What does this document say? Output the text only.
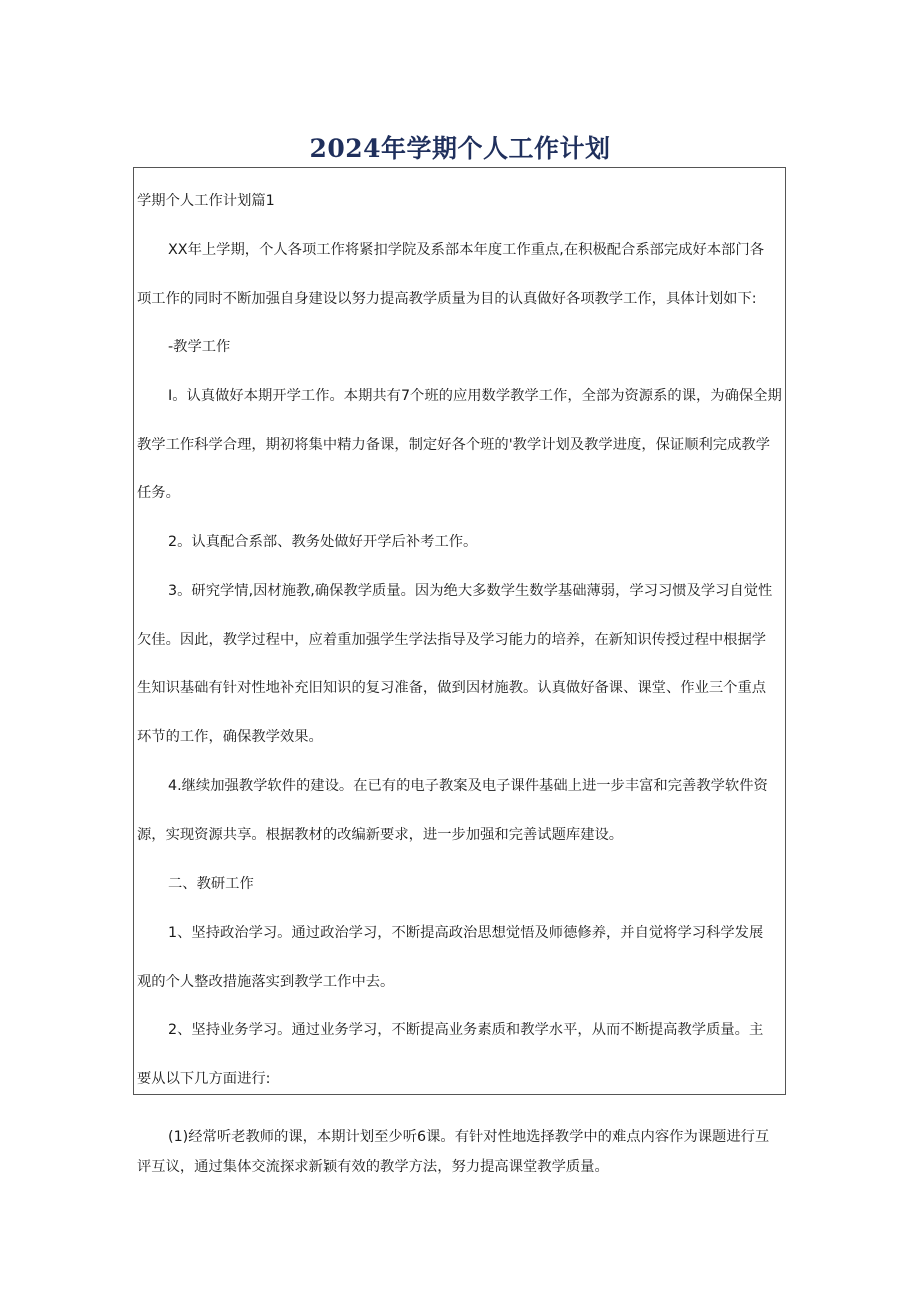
2024年学期个人工作计划

学期个人工作计划篇1

XX年上学期，个人各项工作将紧扣学院及系部本年度工作重点,在积极配合系部完成好本部门各
项工作的同时不断加强自身建设以努力提高教学质量为目的认真做好各项教学工作，具体计划如下:

-教学工作

I。认真做好本期开学工作。本期共有7个班的应用数学教学工作，全部为资源系的课，为确保全期
教学工作科学合理，期初将集中精力备课，制定好各个班的'教学计划及教学进度，保证顺利完成教学
任务。

2。认真配合系部、教务处做好开学后补考工作。

3。研究学情,因材施教,确保教学质量。因为绝大多数学生数学基础薄弱，学习习惯及学习自觉性
欠佳。因此，教学过程中，应着重加强学生学法指导及学习能力的培养，在新知识传授过程中根据学
生知识基础有针对性地补充旧知识的复习准备，做到因材施教。认真做好备课、课堂、作业三个重点
环节的工作，确保教学效果。

4.继续加强教学软件的建设。在已有的电子教案及电子课件基础上进一步丰富和完善教学软件资
源，实现资源共享。根据教材的改编新要求，进一步加强和完善试题库建设。

二、教研工作

1、坚持政治学习。通过政治学习，不断提高政治思想觉悟及师德修养，并自觉将学习科学发展
观的个人整改措施落实到教学工作中去。

2、坚持业务学习。通过业务学习，不断提高业务素质和教学水平，从而不断提高教学质量。主
要从以下几方面进行:

(1)经常听老教师的课，本期计划至少听6课。有针对性地选择教学中的难点内容作为课题进行互
评互议，通过集体交流探求新颖有效的教学方法，努力提高课堂教学质量。
